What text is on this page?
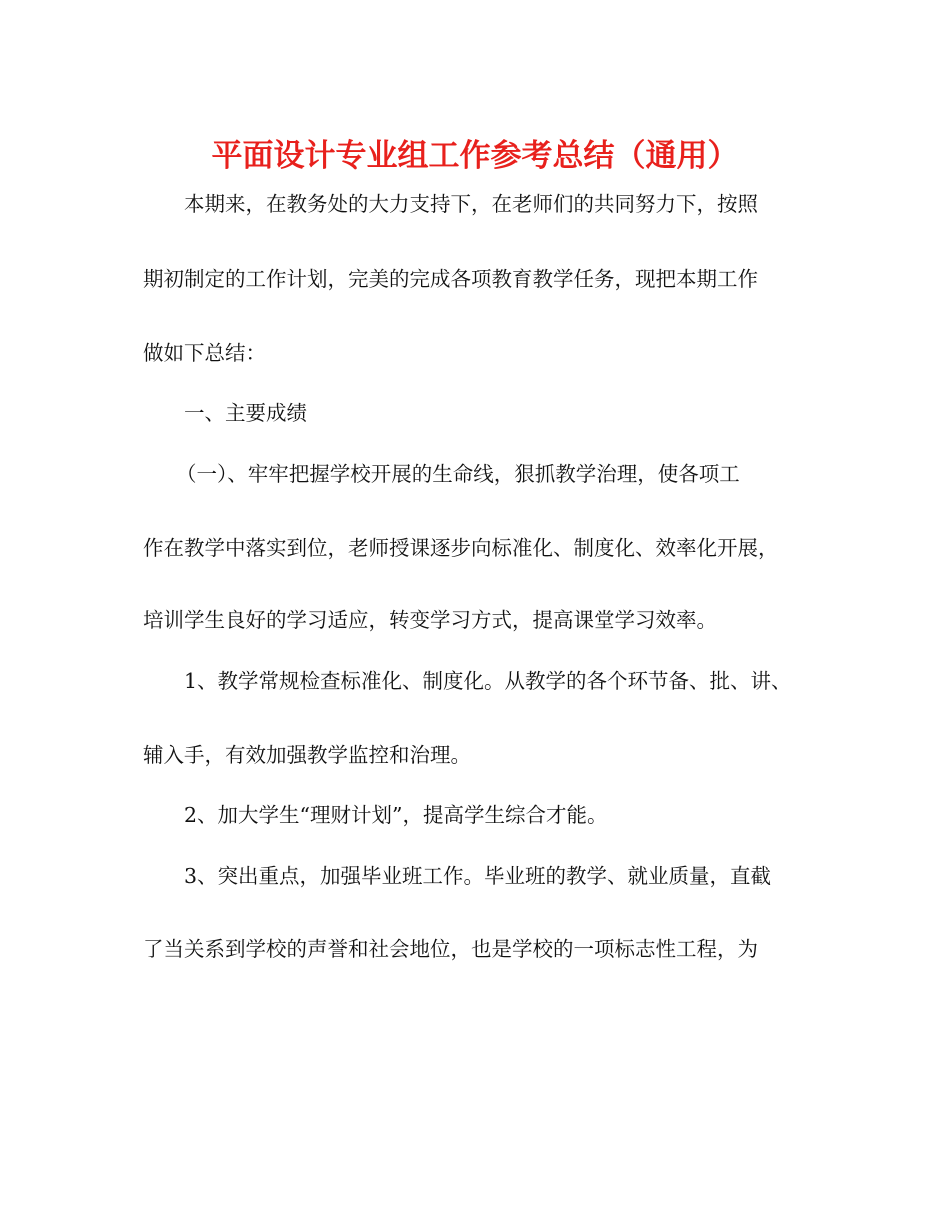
平面设计专业组工作参考总结（通用）
本期来，在教务处的大力支持下，在老师们的共同努力下，按照
期初制定的工作计划，完美的完成各项教育教学任务，现把本期工作
做如下总结：
一、主要成绩
（一）、牢牢把握学校开展的生命线，狠抓教学治理，使各项工
作在教学中落实到位，老师授课逐步向标准化、制度化、效率化开展，
培训学生良好的学习适应，转变学习方式，提高课堂学习效率。
1、教学常规检查标准化、制度化。从教学的各个环节备、批、讲、
辅入手，有效加强教学监控和治理。
2、加大学生“理财计划”，提高学生综合才能。
3、突出重点，加强毕业班工作。毕业班的教学、就业质量，直截
了当关系到学校的声誉和社会地位，也是学校的一项标志性工程，为
